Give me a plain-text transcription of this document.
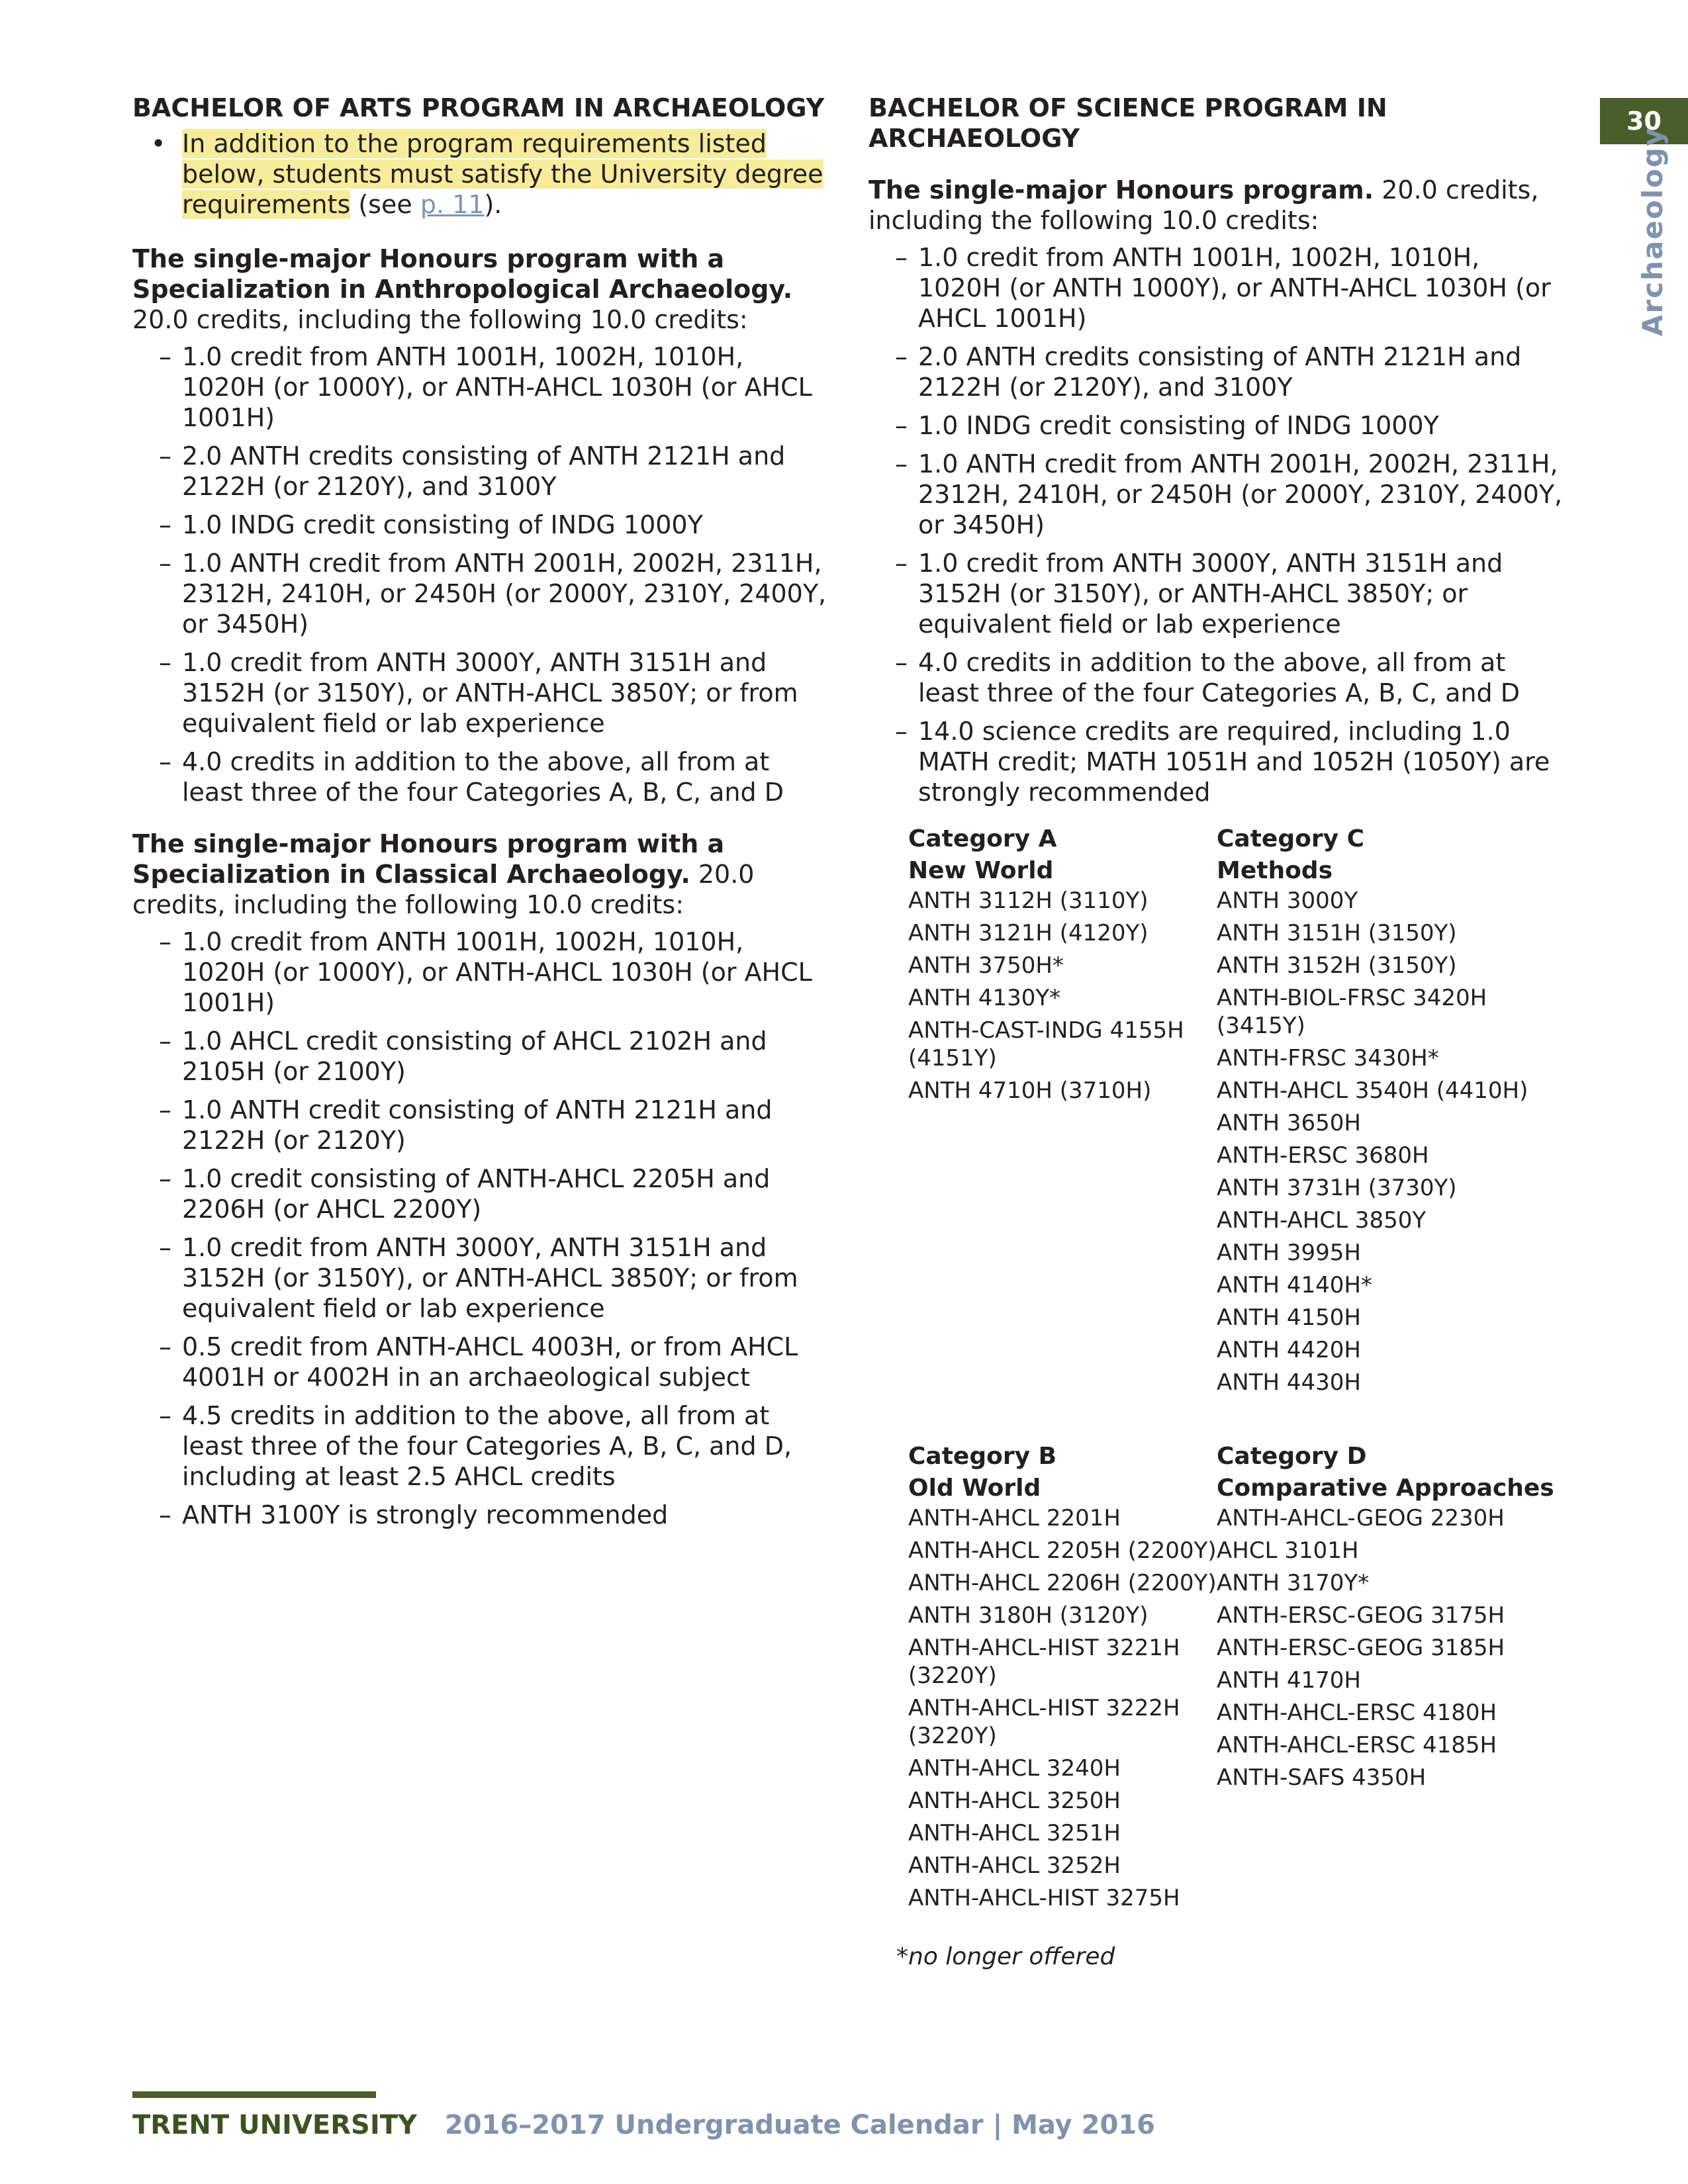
30
Archaeology
BACHELOR OF ARTS PROGRAM IN ARCHAEOLOGY
• In addition to the program requirements listed below, students must satisfy the University degree requirements (see p. 11).

The single-major Honours program with a Specialization in Anthropological Archaeology. 20.0 credits, including the following 10.0 credits:

– 1.0 credit from ANTH 1001H, 1002H, 1010H, 1020H (or 1000Y), or ANTH-AHCL 1030H (or AHCL 1001H)
– 2.0 ANTH credits consisting of ANTH 2121H and 2122H (or 2120Y), and 3100Y
– 1.0 INDG credit consisting of INDG 1000Y
– 1.0 ANTH credit from ANTH 2001H, 2002H, 2311H, 2312H, 2410H, or 2450H (or 2000Y, 2310Y, 2400Y, or 3450H)
– 1.0 credit from ANTH 3000Y, ANTH 3151H and 3152H (or 3150Y), or ANTH-AHCL 3850Y; or from equivalent field or lab experience
– 4.0 credits in addition to the above, all from at least three of the four Categories A, B, C, and D

The single-major Honours program with a Specialization in Classical Archaeology. 20.0 credits, including the following 10.0 credits:

– 1.0 credit from ANTH 1001H, 1002H, 1010H, 1020H (or 1000Y), or ANTH-AHCL 1030H (or AHCL 1001H)
– 1.0 AHCL credit consisting of AHCL 2102H and 2105H (or 2100Y)
– 1.0 ANTH credit consisting of ANTH 2121H and 2122H (or 2120Y)
– 1.0 credit consisting of ANTH-AHCL 2205H and 2206H (or AHCL 2200Y)
– 1.0 credit from ANTH 3000Y, ANTH 3151H and 3152H (or 3150Y), or ANTH-AHCL 3850Y; or from equivalent field or lab experience
– 0.5 credit from ANTH-AHCL 4003H, or from AHCL 4001H or 4002H in an archaeological subject
– 4.5 credits in addition to the above, all from at least three of the four Categories A, B, C, and D, including at least 2.5 AHCL credits
– ANTH 3100Y is strongly recommended
BACHELOR OF SCIENCE PROGRAM IN ARCHAEOLOGY

The single-major Honours program. 20.0 credits, including the following 10.0 credits:

– 1.0 credit from ANTH 1001H, 1002H, 1010H, 1020H (or ANTH 1000Y), or ANTH-AHCL 1030H (or AHCL 1001H)
– 2.0 ANTH credits consisting of ANTH 2121H and 2122H (or 2120Y), and 3100Y
– 1.0 INDG credit consisting of INDG 1000Y
– 1.0 ANTH credit from ANTH 2001H, 2002H, 2311H, 2312H, 2410H, or 2450H (or 2000Y, 2310Y, 2400Y, or 3450H)
– 1.0 credit from ANTH 3000Y, ANTH 3151H and 3152H (or 3150Y), or ANTH-AHCL 3850Y; or equivalent field or lab experience
– 4.0 credits in addition to the above, all from at least three of the four Categories A, B, C, and D
– 14.0 science credits are required, including 1.0 MATH credit; MATH 1051H and 1052H (1050Y) are strongly recommended
Category A
New World
ANTH 3112H (3110Y)
ANTH 3121H (4120Y)
ANTH 3750H*
ANTH 4130Y*
ANTH-CAST-INDG 4155H (4151Y)
ANTH 4710H (3710H)
Category C
Methods
ANTH 3000Y
ANTH 3151H (3150Y)
ANTH 3152H (3150Y)
ANTH-BIOL-FRSC 3420H (3415Y)
ANTH-FRSC 3430H*
ANTH-AHCL 3540H (4410H)
ANTH 3650H
ANTH-ERSC 3680H
ANTH 3731H (3730Y)
ANTH-AHCL 3850Y
ANTH 3995H
ANTH 4140H*
ANTH 4150H
ANTH 4420H
ANTH 4430H
Category B
Old World
ANTH-AHCL 2201H
ANTH-AHCL 2205H (2200Y)
ANTH-AHCL 2206H (2200Y)
ANTH 3180H (3120Y)
ANTH-AHCL-HIST 3221H (3220Y)
ANTH-AHCL-HIST 3222H (3220Y)
ANTH-AHCL 3240H
ANTH-AHCL 3250H
ANTH-AHCL 3251H
ANTH-AHCL 3252H
ANTH-AHCL-HIST 3275H
Category D
Comparative Approaches
ANTH-AHCL-GEOG 2230H
AHCL 3101H
ANTH 3170Y*
ANTH-ERSC-GEOG 3175H
ANTH-ERSC-GEOG 3185H
ANTH 4170H
ANTH-AHCL-ERSC 4180H
ANTH-AHCL-ERSC 4185H
ANTH-SAFS 4350H
*no longer offered
TRENT UNIVERSITY 2016–2017 Undergraduate Calendar | May 2016
